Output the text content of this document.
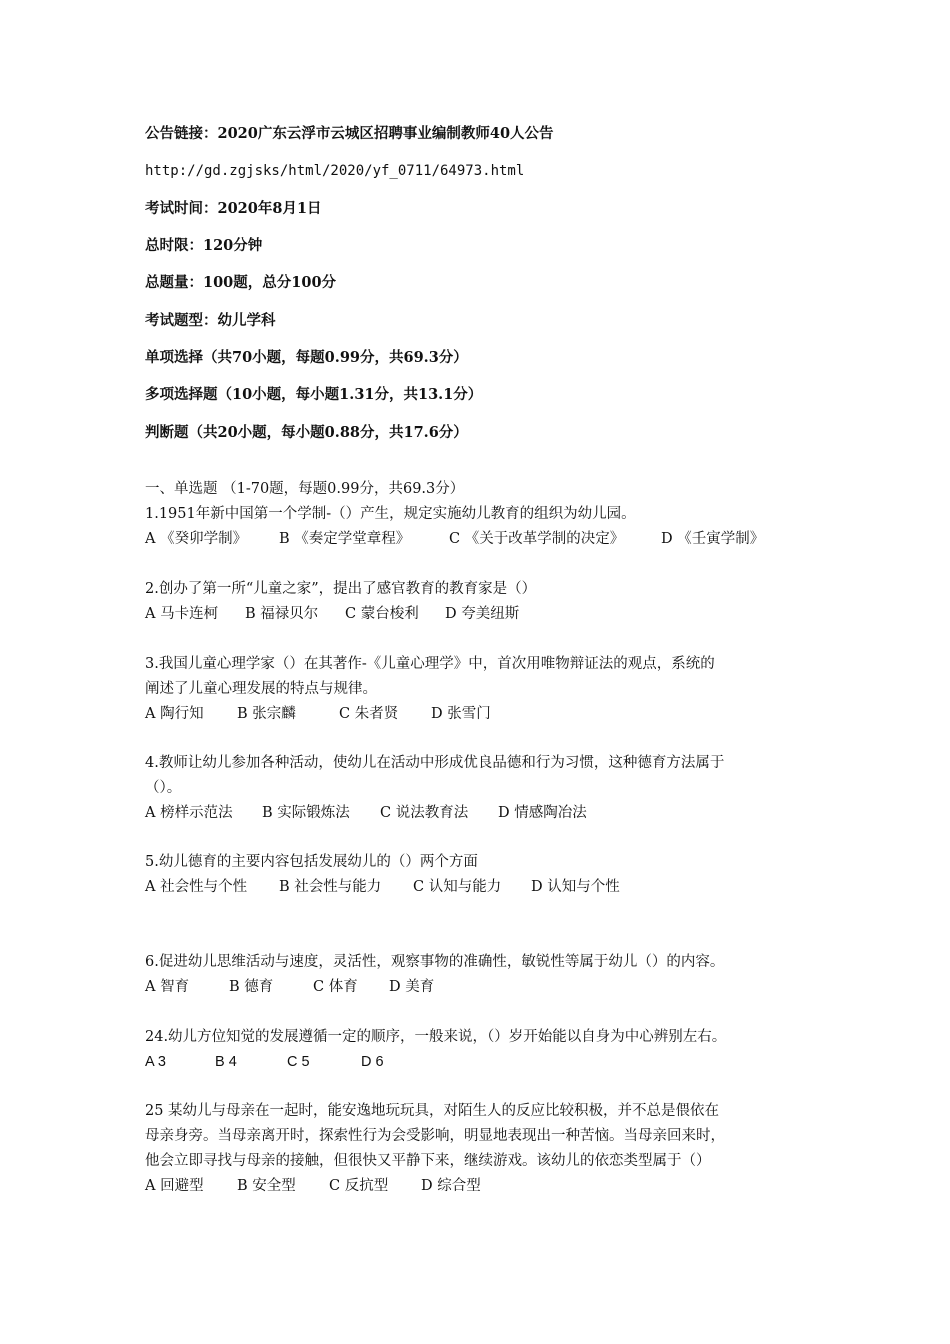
公告链接：2020广东云浮市云城区招聘事业编制教师40人公告
http://gd.zgjsks/html/2020/yf_0711/64973.html
考试时间：2020年8月1日
总时限：120分钟
总题量：100题，总分100分
考试题型：幼儿学科
单项选择（共70小题，每题0.99分，共69.3分）
多项选择题（10小题，每小题1.31分，共13.1分）
判断题（共20小题，每小题0.88分，共17.6分）
一、单选题 （1-70题，每题0.99分，共69.3分）
1.1951年新中国第一个学制-（）产生，规定实施幼儿教育的组织为幼儿园。
A 《癸卯学制》 B 《奏定学堂章程》	C 《关于改革学制的决定》	D 《壬寅学制》
2.创办了第一所“儿童之家”，提出了感官教育的教育家是（）
A 马卡连柯 B 福禄贝尔 C 蒙台梭利 D 夸美纽斯
3.我国儿童心理学家（）在其著作-《儿童心理学》中，首次用唯物辩证法的观点，系统的
阐述了儿童心理发展的特点与规律。
A 陶行知 B 张宗麟	C 朱者贤 D 张雪门
4.教师让幼儿参加各种活动，使幼儿在活动中形成优良品德和行为习惯，这种德育方法属于
（）。
A 榜样示范法 B 实际锻炼法 C 说法教育法 D 情感陶冶法
5.幼儿德育的主要内容包括发展幼儿的（）两个方面
A 社会性与个性 B 社会性与能力 C 认知与能力 D 认知与个性
6.促进幼儿思维活动与速度，灵活性，观察事物的准确性，敏锐性等属于幼儿（）的内容。
A 智育	B 德育	C 体育 D 美育
24.幼儿方位知觉的发展遵循一定的顺序，一般来说，（）岁开始能以自身为中心辨别左右。
A 3	B 4	C 5	D 6
25 某幼儿与母亲在一起时，能安逸地玩玩具，对陌生人的反应比较积极，并不总是偎依在
母亲身旁。当母亲离开时，探索性行为会受影响，明显地表现出一种苦恼。当母亲回来时，
他会立即寻找与母亲的接触，但很快又平静下来，继续游戏。该幼儿的依恋类型属于（）
A 回避型 B 安全型 C 反抗型 D 综合型
